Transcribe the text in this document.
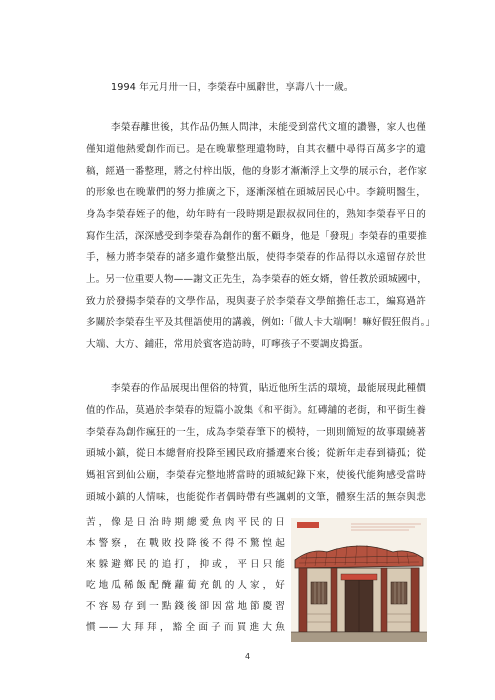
1994 年元月卅一日，李榮春中風辭世，享壽八十一歲。
李榮春離世後，其作品仍無人問津，未能受到當代文壇的讚譽，家人也僅
僅知道他熱愛創作而已。是在晚輩整理遺物時，自其衣櫃中尋得百萬多字的遺
稿，經過一番整理，將之付梓出版，他的身影才漸漸浮上文學的展示台，老作家
的形象也在晚輩們的努力推廣之下，逐漸深植在頭城居民心中。李鏡明醫生，
身為李榮春姪子的他，幼年時有一段時期是跟叔叔同住的，熟知李榮春平日的
寫作生活，深深感受到李榮春為創作的奮不顧身，他是「發現」李榮春的重要推
手，極力將李榮春的諸多遺作彙整出版，使得李榮春的作品得以永遠留存於世
上。另一位重要人物——謝文正先生，為李榮春的姪女婿，曾任教於頭城國中，
致力於發揚李榮春的文學作品，現與妻子於李榮春文學館擔任志工，編寫過許
多關於李榮春生平及其俚語使用的講義，例如:「做人卡大端啊！嘛好假狂假肖。」
大端、大方、鋪莊，常用於賓客造訪時，叮嚀孩子不要調皮搗蛋。
李榮春的作品展現出俚俗的特質，貼近他所生活的環境，最能展現此種價
值的作品，莫過於李榮春的短篇小說集《和平街》。紅磚舖的老街，和平街生養
李榮春為創作瘋狂的一生，成為李榮春筆下的模特，一則則簡短的故事環繞著
頭城小鎮，從日本總督府投降至國民政府播遷來台後；從新年走春到禱孤；從
媽祖宮到仙公廟，李榮春完整地將當時的頭城紀錄下來，使後代能夠感受當時
頭城小鎮的人情味，也能從作者偶時帶有些諷刺的文筆，體察生活的無奈與悲
苦，像是日治時期總愛魚肉平民的日
本警察，在戰敗投降後不得不驚惶起
來躲避鄉民的追打，抑或，平日只能
吃地瓜稀飯配醃蘿蔔充飢的人家，好
不容易存到一點錢後卻因當地節慶習
慣——大拜拜，豁全面子而買進大魚
4
